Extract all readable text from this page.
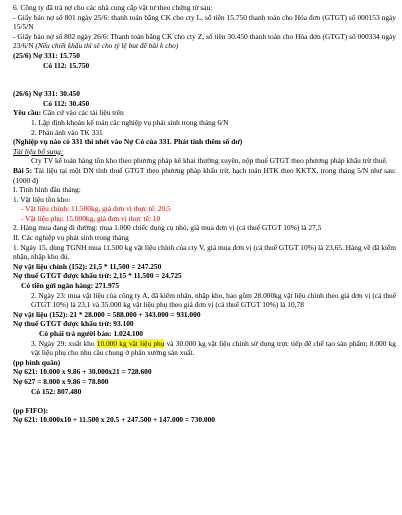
6. Công ty đã trả nợ cho các nhà cung cấp vật tư theo chứng từ sau:
- Giấy báo nợ số 801 ngày 25/6: thanh toán bằng CK cho cty L, số tiền 15.750 thanh toán cho Hóa đơn (GTGT) số 000153 ngày 15/5/N
- Giấy báo nợ số 802 ngày 26/6: Thanh toán bằng CK cho cty Z, số tiền 30.450 thanh toán cho Hóa đơn (GTGT) số 000334 ngày 23/6/N (Nếu chiết khấu thì sẽ cho tỷ lệ but để bài k cho)
(25/6) Nợ 331: 15.750
Có 112: 15.750
(26/6) Nợ 331: 30.450
Có 112: 30.450
Yêu cầu: Căn cứ vào các tài liệu trên
1. Lập định khoản kế toán các nghiệp vụ phát sinh trong tháng 6/N
2. Phản ánh vào TK 331
(Nghiệp vụ nào có 331 thì nhét vào Nợ Có của 331. Phát tính thêm số dư)
Tài liệu bổ sung:
Cty TV kế toán hàng tồn kho theo phương pháp kê khai thường xuyên, nộp thuế GTGT theo phương pháp khấu trừ thuế.
Bài 5: Tài liệu tại một DN tính thuế GTGT theo phương pháp khấu trừ, hạch toán HTK theo KKTX, trong tháng 5/N như sau: (1000 đ)
I. Tình hình đầu tháng:
1. Vật liệu tồn kho:
- Vật liệu chính: 11.500kg, giá đơn vị thực tế: 20,5
- Vật liệu phụ: 15.000kg, giá đơn vị thực tế: 10
2. Hàng mua đang đi đường: mua 1.000 chiếc dụng cụ nhỏ, giá mua đơn vị (cả thuế GTGT 10%) là 27,5
II. Các nghiệp vụ phát sinh trong tháng
1. Ngày 15, dùng TGNH mua 11.500 kg vật liệu chính của cty V, giá mua đơn vị (cả thuế GTGT 10%) là 23,65. Hàng về đã kiểm nhận, nhập kho đủ.
Nợ vật liệu chính (152): 21,5 * 11,500 = 247.250
Nợ thuế GTGT được khấu trừ: 2,15 * 11.500 = 24.725
Có tiền gửi ngân hàng: 271.975
2. Ngày 23: mua vật liệu của công ty A, đã kiểm nhận, nhập kho, bao gồm 28.000kg vật liệu chính theo giá đơn vị (cả thuế GTGT 10%) là 23,1 và 35.000 kg vật liệu phụ theo giá đơn vị (cả thuế GTGT 10%) là 10,78
Nợ vật liệu (152): 21 * 28.000 = 588.000 + 343.000 = 931.000
Nợ thuế GTGT được khấu trừ: 93.100
Có phải trả người bán: 1.024.100
3. Ngày 29: xuất kho 10.000 kg vật liệu phụ và 30.000 kg vật liệu chính sử dụng trực tiếp để chế tạo sản phẩm; 8.000 kg vật liệu phụ cho nhu cầu chung ở phân xưởng sản xuất.
(pp bình quân)
Nợ 621: 10.000 x 9.86 + 30.000x21 = 728.600
Nợ 627 = 8.000 x 9.86 = 78.800
Có 152: 807.480
(pp FIFO):
Nợ 621: 10.000x10 + 11.500 x 20.5 + 247.500 + 147.000 = 730.000
